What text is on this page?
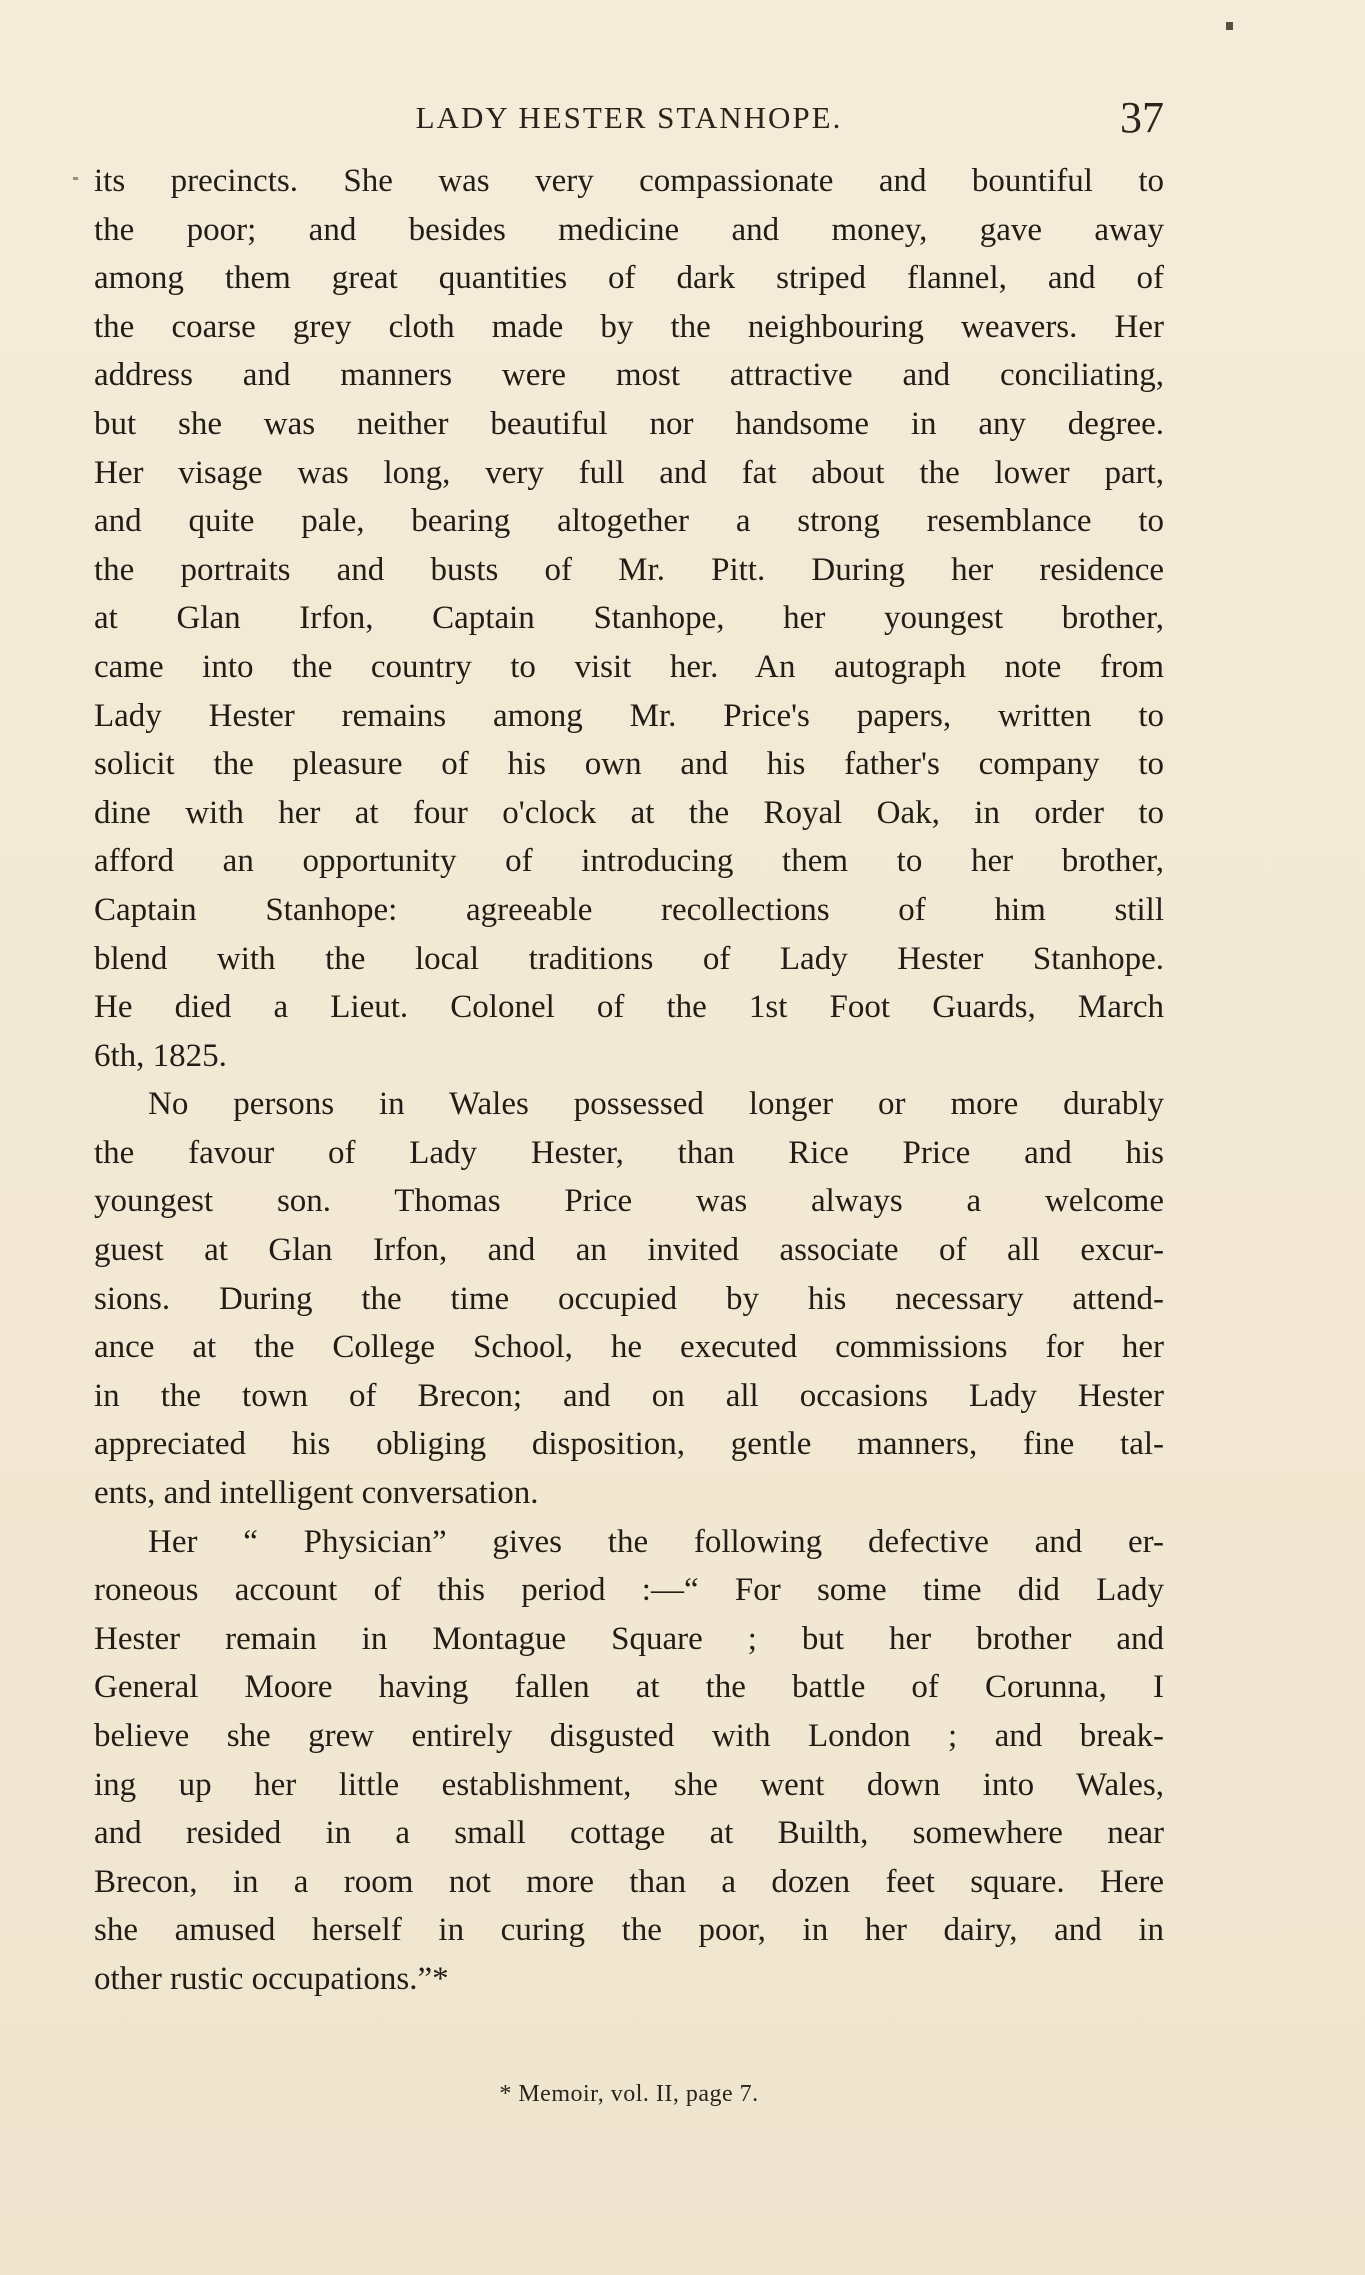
LADY HESTER STANHOPE.	37

its precincts. She was very compassionate and bountiful to
the poor; and besides medicine and money, gave away
among them great quantities of dark striped flannel, and of
the coarse grey cloth made by the neighbouring weavers. Her
address and manners were most attractive and conciliating,
but she was neither beautiful nor handsome in any degree.
Her visage was long, very full and fat about the lower part,
and quite pale, bearing altogether a strong resemblance to
the portraits and busts of Mr. Pitt. During her residence
at Glan Irfon, Captain Stanhope, her youngest brother,
came into the country to visit her. An autograph note from
Lady Hester remains among Mr. Price's papers, written to
solicit the pleasure of his own and his father's company to
dine with her at four o'clock at the Royal Oak, in order to
afford an opportunity of introducing them to her brother,
Captain Stanhope: agreeable recollections of him still
blend with the local traditions of Lady Hester Stanhope.
He died a Lieut. Colonel of the 1st Foot Guards, March
6th, 1825.

No persons in Wales possessed longer or more durably
the favour of Lady Hester, than Rice Price and his
youngest son. Thomas Price was always a welcome
guest at Glan Irfon, and an invited associate of all excur-
sions. During the time occupied by his necessary attend-
ance at the College School, he executed commissions for her
in the town of Brecon; and on all occasions Lady Hester
appreciated his obliging disposition, gentle manners, fine tal-
ents, and intelligent conversation.

Her “ Physician” gives the following defective and er-
roneous account of this period :—“ For some time did Lady
Hester remain in Montague Square ; but her brother and
General Moore having fallen at the battle of Corunna, I
believe she grew entirely disgusted with London ; and break-
ing up her little establishment, she went down into Wales,
and resided in a small cottage at Builth, somewhere near
Brecon, in a room not more than a dozen feet square. Here
she amused herself in curing the poor, in her dairy, and in
other rustic occupations.”*

* Memoir, vol. II, page 7.
